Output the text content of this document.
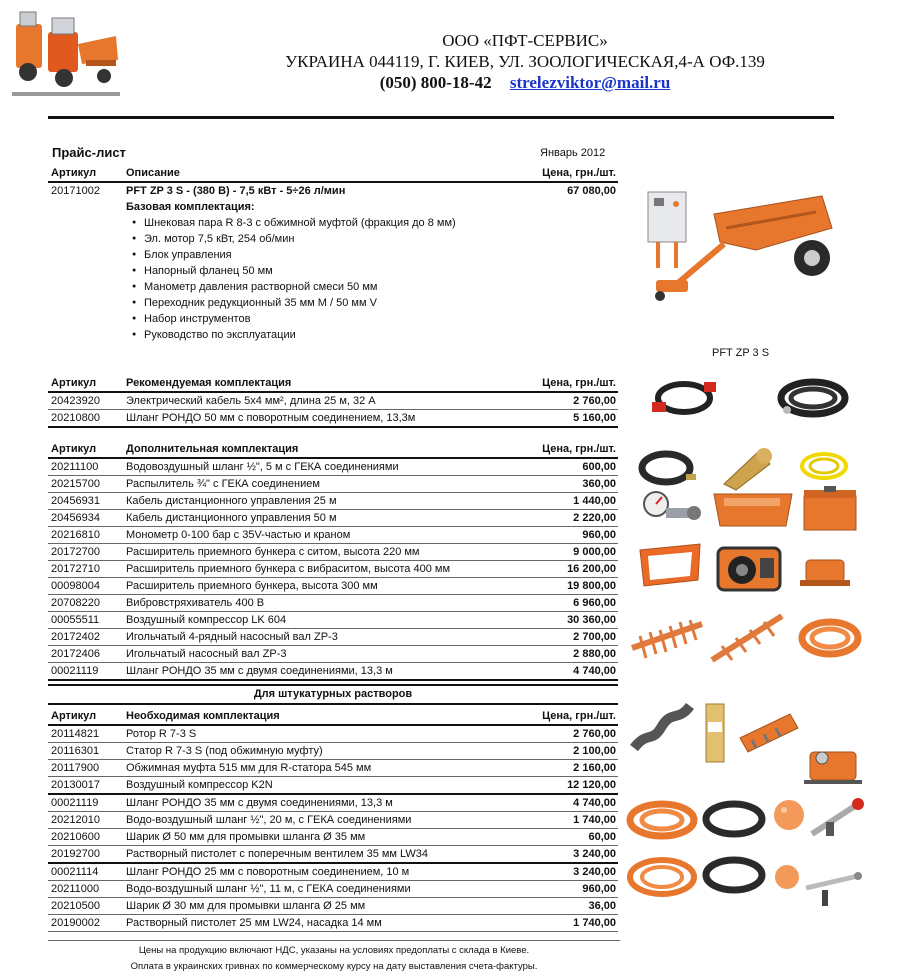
ООО «ПФТ-СЕРВИС»
УКРАИНА 044119, Г. КИЕВ, УЛ. ЗООЛОГИЧЕСКАЯ,4-А ОФ.139
(050) 800-18-42 strelezviktor@mail.ru
Прайс-лист	Январь 2012
Артикул	Описание	Цена, грн./шт.
20171002 PFT ZP 3 S - (380 В) - 7,5 кВт - 5÷26 л/мин	67 080,00
Базовая комплектация:
● Шнековая пара R 8-3 с обжимной муфтой (фракция до 8 мм)
● Эл. мотор 7,5 кВт, 254 об/мин
● Блок управления
● Напорный фланец 50 мм
● Манометр давления растворной смеси 50 мм
● Переходник редукционный 35 мм M / 50 мм V
● Набор инструментов
● Руководство по эксплуатации
Артикул	Рекомендуемая комплектация	Цена, грн./шт.
20423920 Электрический кабель 5x4 мм², длина 25 м, 32 А	2 760,00
20210800 Шланг РОНДО 50 мм с поворотным соединением, 13,3м	5 160,00
Артикул	Дополнительная комплектация	Цена, грн./шт.
20211100	Водовоздушный шланг ½", 5 м с ГЕКА соединениями	600,00
20215700 Распылитель ¾" с ГЕКА соединением	360,00
20456931 Кабель дистанционного управления 25 м	1 440,00
20456934 Кабель дистанционного управления 50 м	2 220,00
20216810 Монометр 0-100 бар с 35V-частью и краном	960,00
20172700 Расширитель приемного бункера с ситом, высота 220 мм	9 000,00
20172710 Расширитель приемного бункера с вибраситом, высота 400 мм	16 200,00
00098004 Расширитель приемного бункера, высота 300 мм	19 800,00
20708220 Вибровстряхиватель 400 В	6 960,00
00055511 Воздушный компрессор LK 604	30 360,00
20172402 Игольчатый 4-рядный насосный вал ZP-3	2 700,00
20172406 Игольчатый насосный вал ZP-3	2 880,00
00021119	Шланг РОНДО 35 мм с двумя соединениями, 13,3 м	4 740,00
Для штукатурных растворов
Артикул	Необходимая комплектация	Цена, грн./шт.
20114821 Ротор R 7-3 S	2 760,00
20116301 Статор R 7-3 S (под обжимную муфту)	2 100,00
20117900 Обжимная муфта 515 мм для R-статора 545 мм	2 160,00
20130017 Воздушный компрессор K2N	12 120,00
00021119	Шланг РОНДО 35 мм с двумя соединениями, 13,3 м	4 740,00
20212010 Водо-воздушный шланг ½", 20 м, с ГЕКА соединениями	1 740,00
20210600 Шарик Ø 50 мм для промывки шланга Ø 35 мм	60,00
20192700 Растворный пистолет с поперечным вентилем 35 мм LW34	3 240,00
00021114	Шланг РОНДО 25 мм с поворотным соединением, 10 м	3 240,00
20211000 Водо-воздушный шланг ½", 11 м, с ГЕКА соединениями	960,00
20210500 Шарик Ø 30 мм для промывки шланга Ø 25 мм	36,00
20190002 Растворный пистолет 25 мм LW24, насадка 14 мм	1 740,00
Цены на продукцию включают НДС, указаны на условиях предоплаты с склада в Киеве.
Оплата в украинских гривнах по коммерческому курсу на дату выставления счета-фактуры.
PFT ZP 3 S
